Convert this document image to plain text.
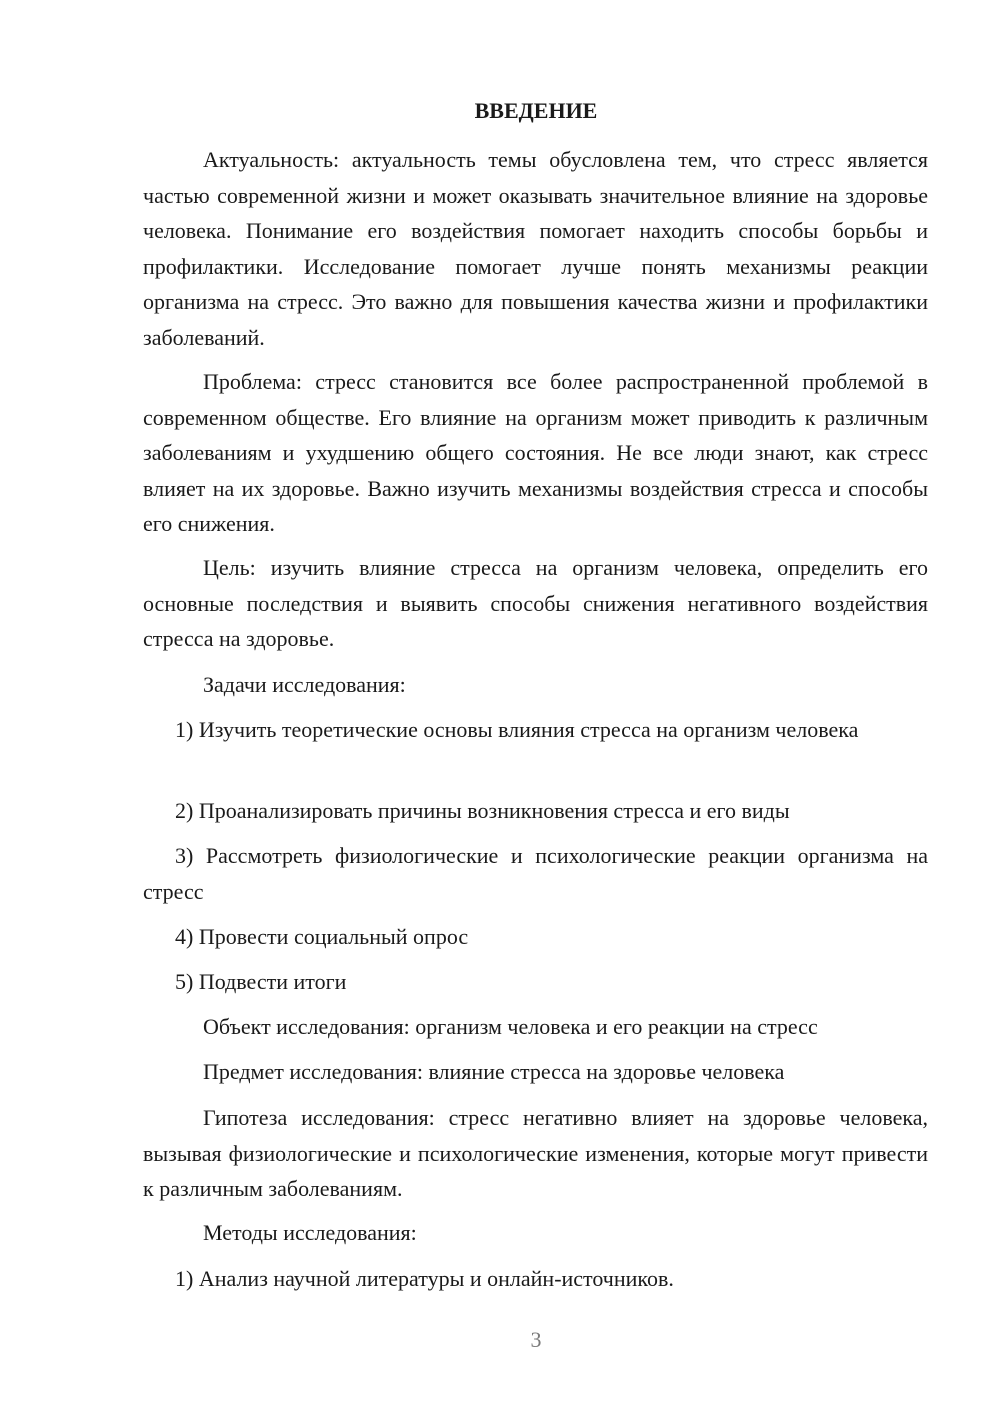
ВВЕДЕНИЕ

Актуальность: актуальность темы обусловлена тем, что стресс является частью современной жизни и может оказывать значительное влияние на здоровье человека. Понимание его воздействия помогает находить способы борьбы и профилактики. Исследование помогает лучше понять механизмы реакции организма на стресс. Это важно для повышения качества жизни и профилактики заболеваний.

Проблема: стресс становится все более распространенной проблемой в современном обществе. Его влияние на организм может приводить к различным заболеваниям и ухудшению общего состояния. Не все люди знают, как стресс влияет на их здоровье. Важно изучить механизмы воздействия стресса и способы его снижения.

Цель: изучить влияние стресса на организм человека, определить его основные последствия и выявить способы снижения негативного воздействия стресса на здоровье.

Задачи исследования:

1) Изучить теоретические основы влияния стресса на организм человека

2) Проанализировать причины возникновения стресса и его виды

3) Рассмотреть физиологические и психологические реакции организма на стресс

4) Провести социальный опрос

5) Подвести итоги

Объект исследования: организм человека и его реакции на стресс

Предмет исследования: влияние стресса на здоровье человека

Гипотеза исследования: стресс негативно влияет на здоровье человека, вызывая физиологические и психологические изменения, которые могут привести к различным заболеваниям.

Методы исследования:

1) Анализ научной литературы и онлайн-источников.

3
